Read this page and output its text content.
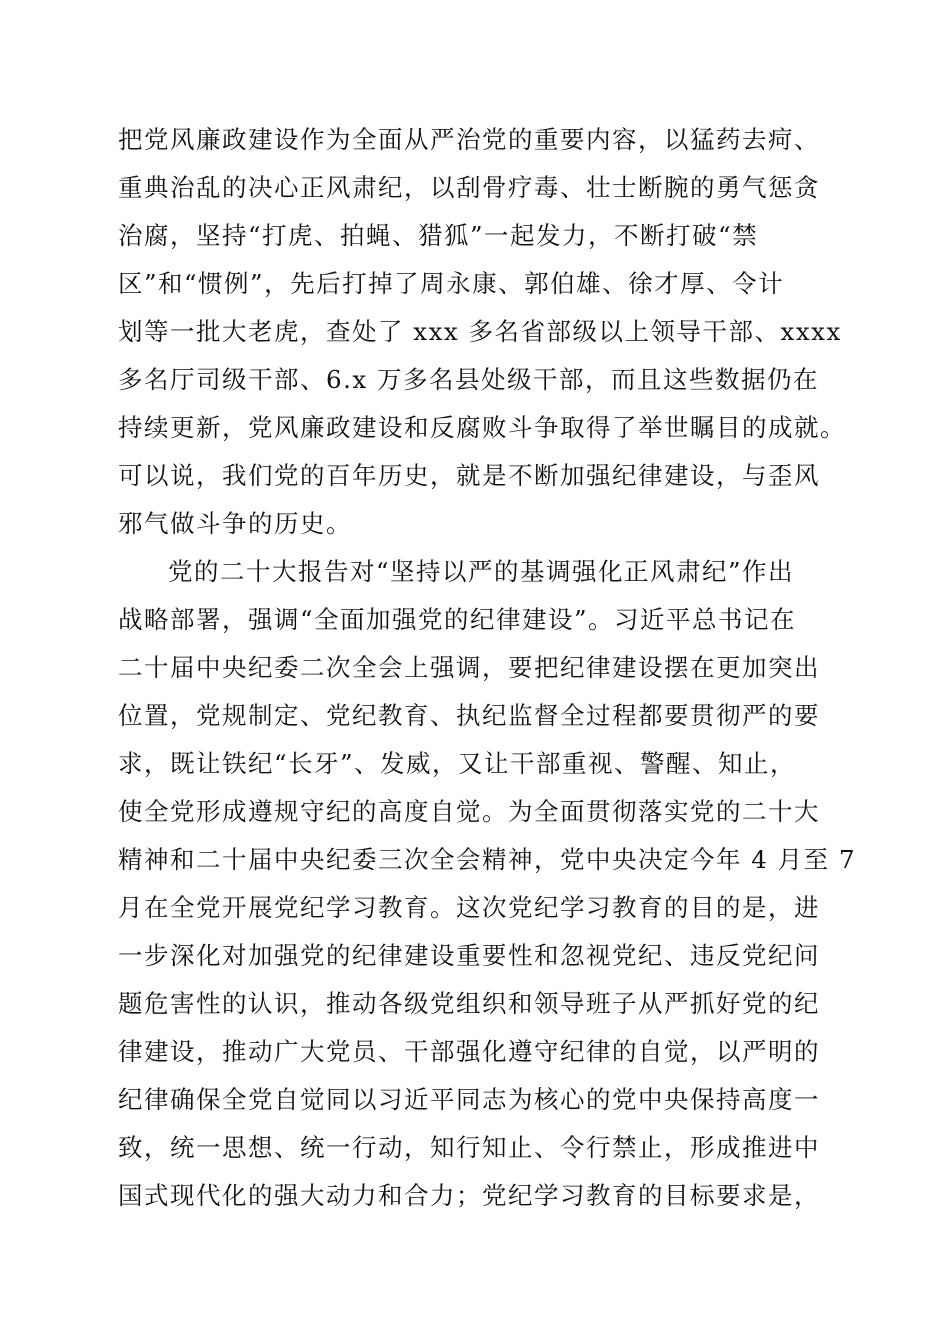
把党风廉政建设作为全面从严治党的重要内容，以猛药去疴、
重典治乱的决心正风肃纪，以刮骨疗毒、壮士断腕的勇气惩贪
治腐，坚持“打虎、拍蝇、猎狐”一起发力，不断打破“禁
区”和“惯例”，先后打掉了周永康、郭伯雄、徐才厚、令计
划等一批大老虎，查处了 xxx 多名省部级以上领导干部、xxxx
多名厅司级干部、6.x 万多名县处级干部，而且这些数据仍在
持续更新，党风廉政建设和反腐败斗争取得了举世瞩目的成就。
可以说，我们党的百年历史，就是不断加强纪律建设，与歪风
邪气做斗争的历史。
党的二十大报告对“坚持以严的基调强化正风肃纪”作出
战略部署，强调“全面加强党的纪律建设”。习近平总书记在
二十届中央纪委二次全会上强调，要把纪律建设摆在更加突出
位置，党规制定、党纪教育、执纪监督全过程都要贯彻严的要
求，既让铁纪“长牙”、发威，又让干部重视、警醒、知止，
使全党形成遵规守纪的高度自觉。为全面贯彻落实党的二十大
精神和二十届中央纪委三次全会精神，党中央决定今年 4 月至 7
月在全党开展党纪学习教育。这次党纪学习教育的目的是，进
一步深化对加强党的纪律建设重要性和忽视党纪、违反党纪问
题危害性的认识，推动各级党组织和领导班子从严抓好党的纪
律建设，推动广大党员、干部强化遵守纪律的自觉，以严明的
纪律确保全党自觉同以习近平同志为核心的党中央保持高度一
致，统一思想、统一行动，知行知止、令行禁止，形成推进中
国式现代化的强大动力和合力；党纪学习教育的目标要求是，
